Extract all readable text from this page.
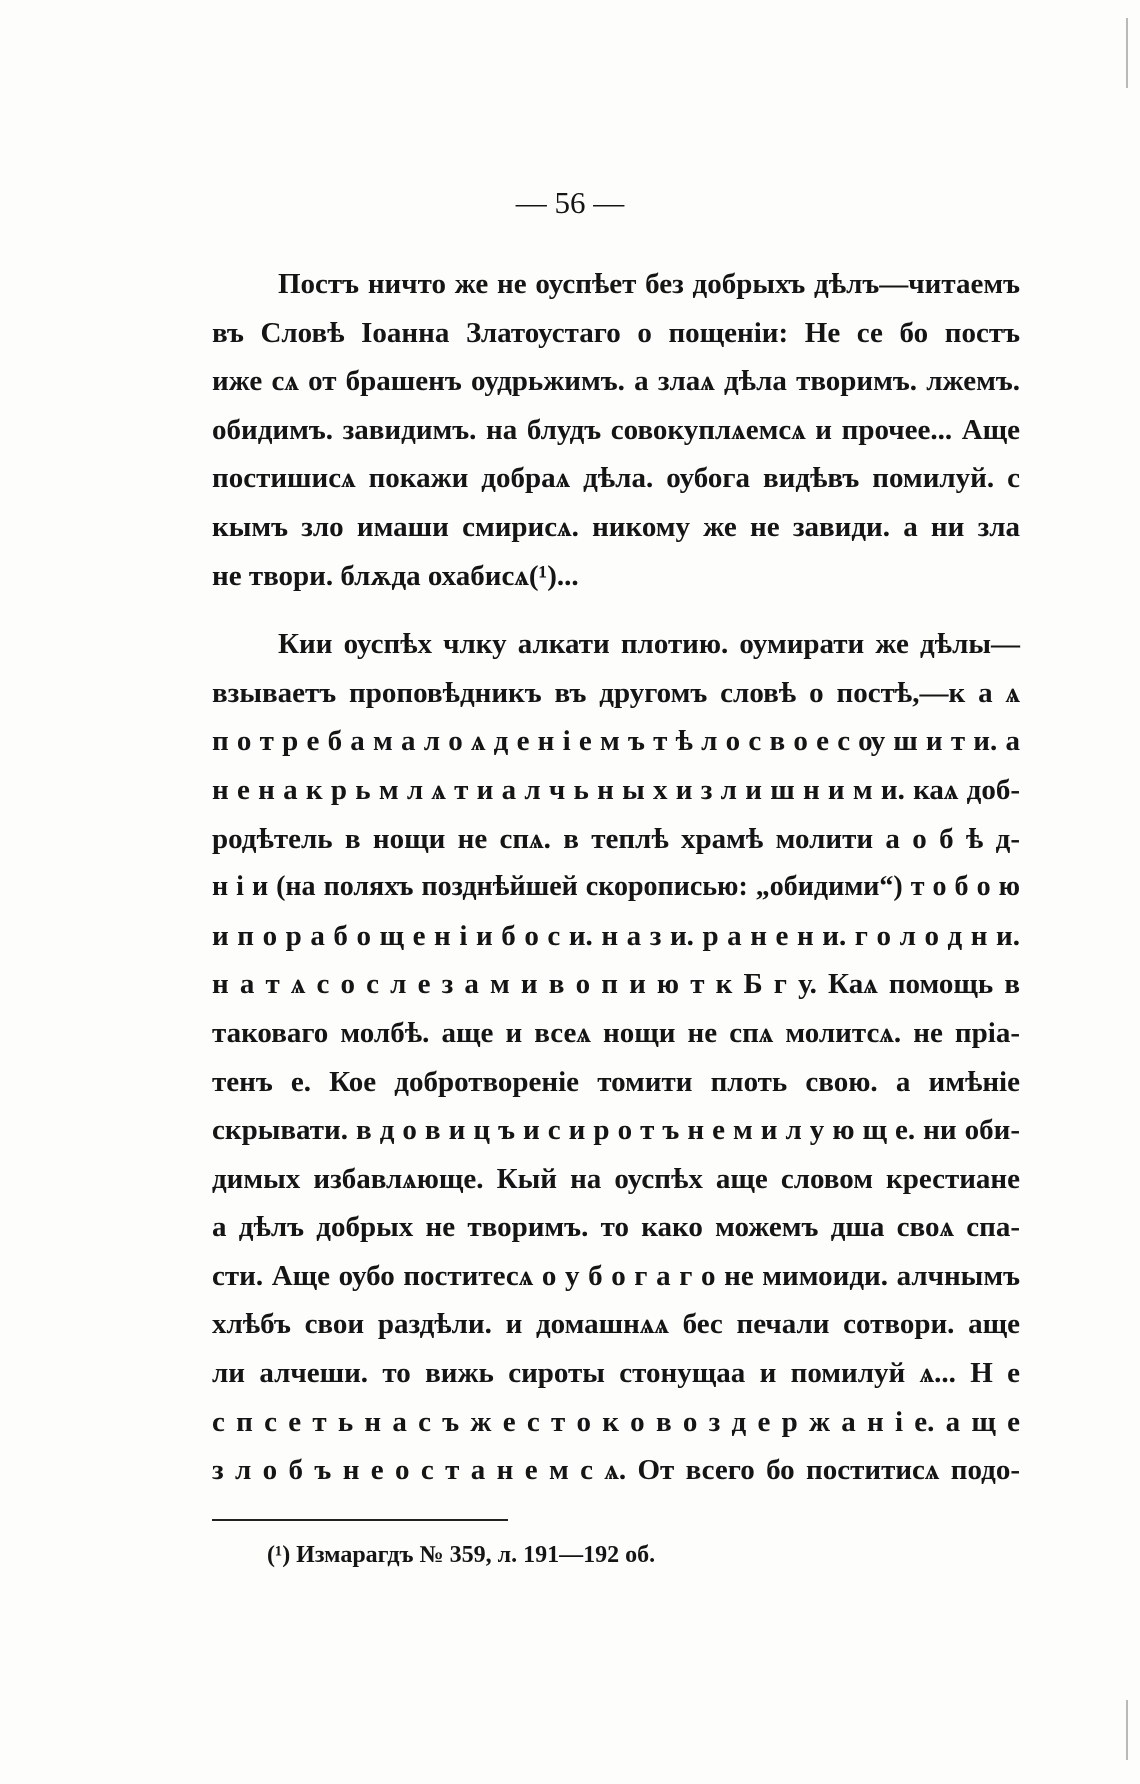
— 56 —
Постъ ничто же не оуспѣет без добрыхъ дѣлъ—читаемъ
въ Словѣ Іоанна Златоустаго о пощеніи: Не се бо постъ
иже сѧ от брашенъ оудрьжимъ. а злаѧ дѣла творимъ. лжемъ.
обидимъ. завидимъ. на блудъ совокуплѧемсѧ и прочее... Аще
постишисѧ покажи добраѧ дѣла. оубога видѣвъ помилуй. с
кымъ зло имаши смирисѧ. никому же не завиди. а ни зла
не твори. блѫда охабисѧ(¹)...
Кии оуспѣх члку алкати плотию. оумирати же дѣлы—
взываетъ проповѣдникъ въ другомъ словѣ о постѣ,—к а ѧ
п о т р е б а м а л о ѧ д е н і е м ъ т ѣ л о с в о е с ѹ ш и т и. а
н е н а к р ь м л ѧ т и а л ч ь н ы х и з л и ш н и м и. каѧ доб-
родѣтель в нощи не спѧ. в теплѣ храмѣ молити а о б ѣ д-
н і и (на поляхъ позднѣйшей скорописью: „обидими“) т о б о ю
и п о р а б о щ е н і и б о с и. н а з и. р а н е н и. г о л о д н и.
н а т ѧ с о с л е з а м и в о п и ю т к Б г у. Каѧ помощь в
таковаго молбѣ. аще и всеѧ нощи не спѧ молитсѧ. не пріа-
тенъ е. Кое добротвореніе томити плоть свою. а имѣніе
скрывати. в д о в и ц ъ и с и р о т ъ н е м и л у ю щ е. ни оби-
димых избавлѧюще. Кый на оуспѣх аще словом крестиане
а дѣлъ добрых не творимъ. то како можемъ дша своѧ спа-
сти. Аще оубо поститесѧ о у б о г а г о не мимоиди. алчнымъ
хлѣбъ свои раздѣли. и домашнѧѧ бес печали сотвори. аще
ли алчеши. то вижь сироты стонущаа и помилуй ѧ... Н е
с п с е т ь н а с ъ ж е с т о к о в о з д е р ж а н і е. а щ е
з л о б ъ н е о с т а н е м с ѧ. От всего бо поститисѧ подо-
(¹) Измарагдъ № 359, л. 191—192 об.
